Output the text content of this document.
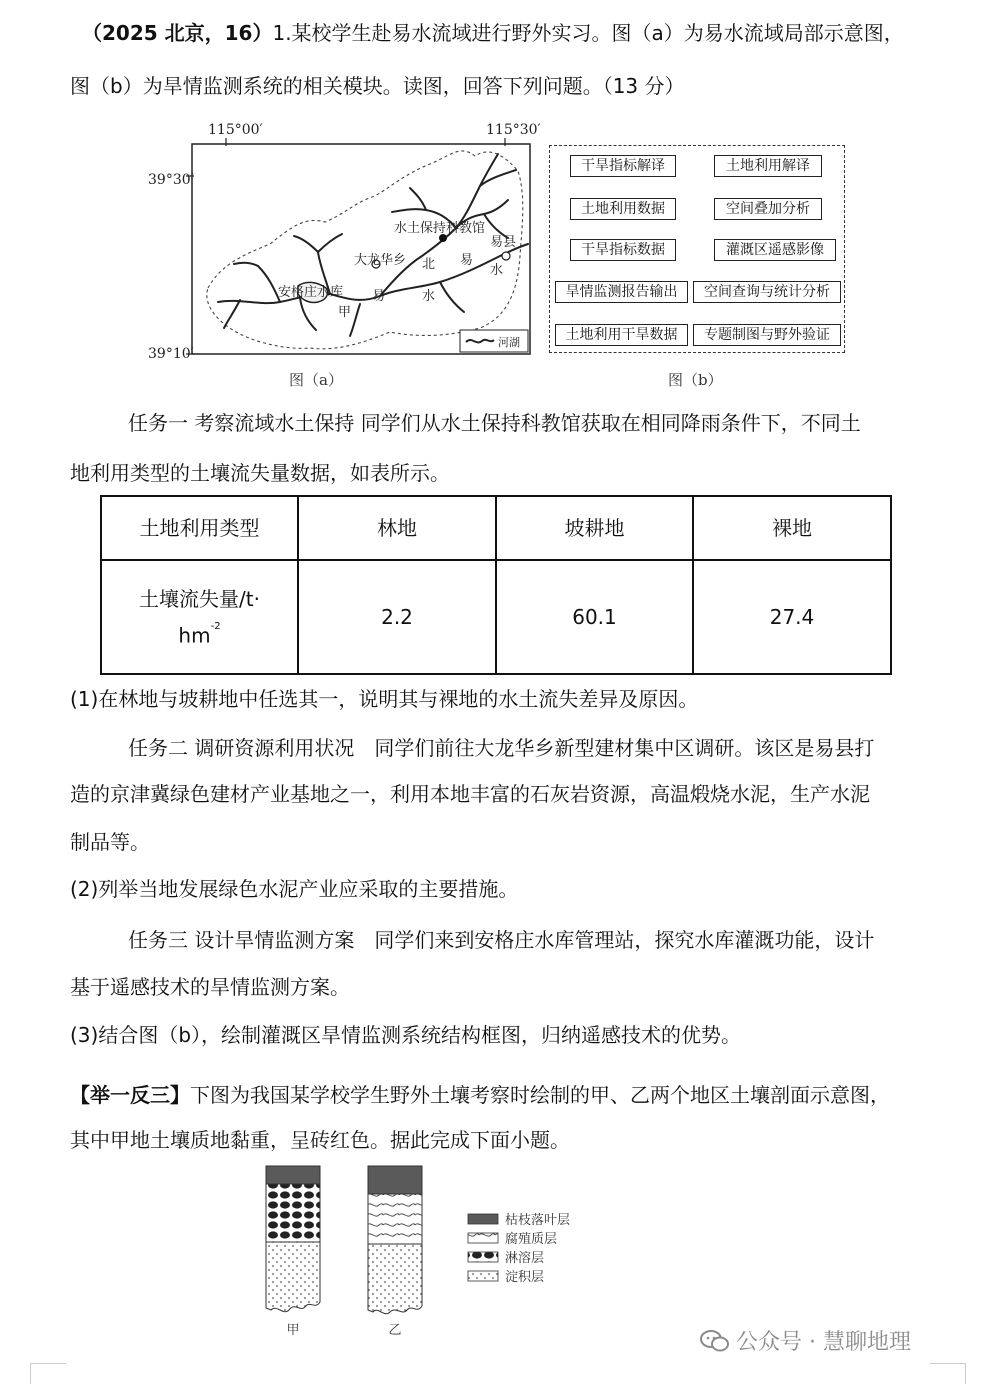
（2025 北京，16）1.某校学生赴易水流域进行野外实习。图（a）为易水流域局部示意图，
图（b）为旱情监测系统的相关模块。读图，回答下列问题。（13 分）
115°00′	115°30′
39°30′
39°10′
水土保持科教馆
大龙华乡
易县
安格庄水库
北 易
水
易	水
甲
河湖
图（a）
干旱指标解译	土地利用解译
土地利用数据	空间叠加分析
干旱指标数据	灌溉区遥感影像
旱情监测报告输出	空间查询与统计分析
土地利用干旱数据	专题制图与野外验证
图（b）
任务一 考察流域水土保持 同学们从水土保持科教馆获取在相同降雨条件下，不同土
地利用类型的土壤流失量数据，如表所示。
土地利用类型	林地	坡耕地	裸地
土壤流失量/t·
$hm^{-2}$	2.2	60.1	27.4
(1)在林地与坡耕地中任选其一，说明其与裸地的水土流失差异及原因。
任务二 调研资源利用状况　同学们前往大龙华乡新型建材集中区调研。该区是易县打
造的京津冀绿色建材产业基地之一，利用本地丰富的石灰岩资源，高温煅烧水泥，生产水泥
制品等。
(2)列举当地发展绿色水泥产业应采取的主要措施。
任务三 设计旱情监测方案　同学们来到安格庄水库管理站，探究水库灌溉功能，设计
基于遥感技术的旱情监测方案。
(3)结合图（b），绘制灌溉区旱情监测系统结构框图，归纳遥感技术的优势。
【举一反三】下图为我国某学校学生野外土壤考察时绘制的甲、乙两个地区土壤剖面示意图，
其中甲地土壤质地黏重，呈砖红色。据此完成下面小题。
甲	乙
枯枝落叶层
腐殖质层
淋溶层
淀积层
公众号 · 慧聊地理
